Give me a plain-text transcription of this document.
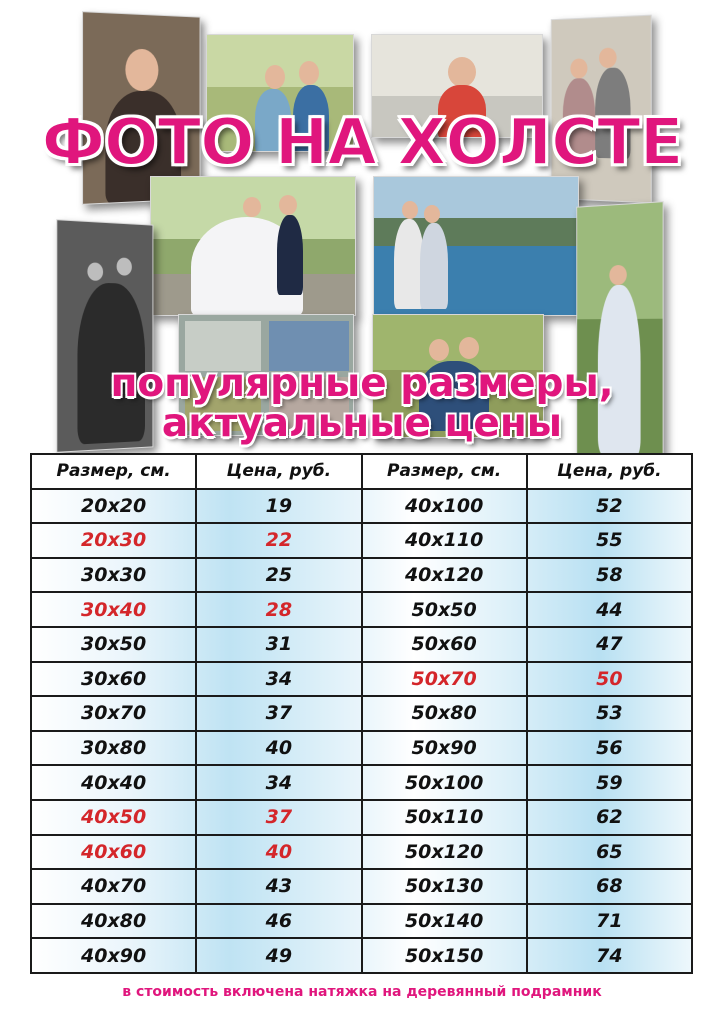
ФОТО НА ХОЛСТЕ
популярные размеры,
актуальные цены
Размер, см.	Цена, руб.	Размер, см.	Цена, руб.
20x20	19	40x100	52
20x30	22	40x110	55
30x30	25	40x120	58
30x40	28	50x50	44
30x50	31	50x60	47
30x60	34	50x70	50
30x70	37	50x80	53
30x80	40	50x90	56
40x40	34	50x100	59
40x50	37	50x110	62
40x60	40	50x120	65
40x70	43	50x130	68
40x80	46	50x140	71
40x90	49	50x150	74
в стоимость включена натяжка на деревянный подрамник
